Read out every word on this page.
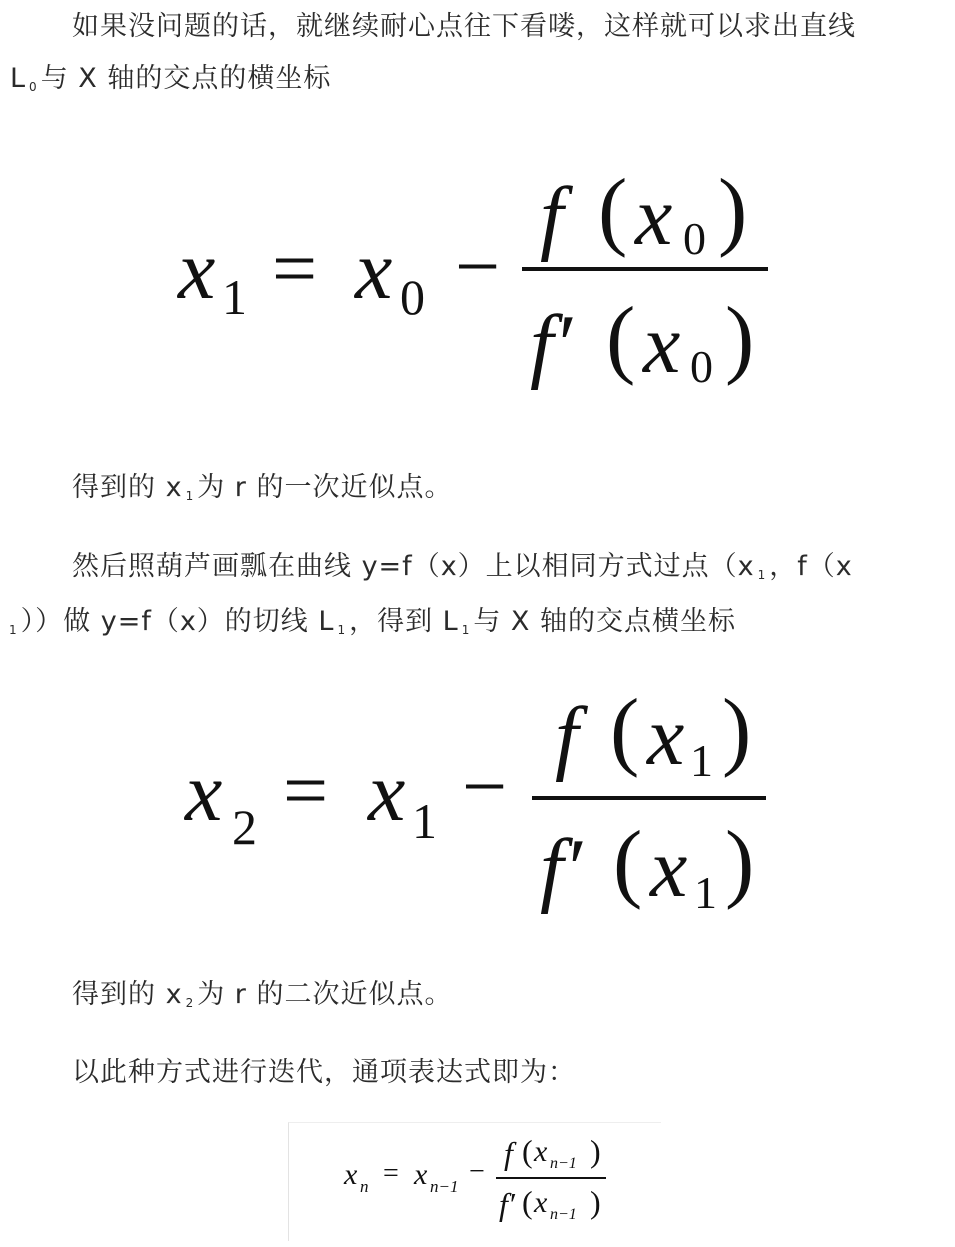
如果没问题的话，就继续耐心点往下看喽，这样就可以求出直线
L $_0$ 与 X 轴的交点的横坐标
x 1 = x 0 −
f ( x 0 )
f′ ( x 0 )
得到的 x $_1$ 为 r 的一次近似点。
然后照葫芦画瓢在曲线 y=f（x）上以相同方式过点（x $_1$ ，f（x
$_1$ ））做 y=f（x）的切线 L $_1$ ，得到 L $_1$ 与 X 轴的交点横坐标
x 2 = x 1 −
f ( x 1 )
f′ ( x 1 )
得到的 x $_2$ 为 r 的二次近似点。
以此种方式进行迭代，通项表达式即为：
x n = x n−1 −
f ( x n−1 )
f′ ( x n−1 )
